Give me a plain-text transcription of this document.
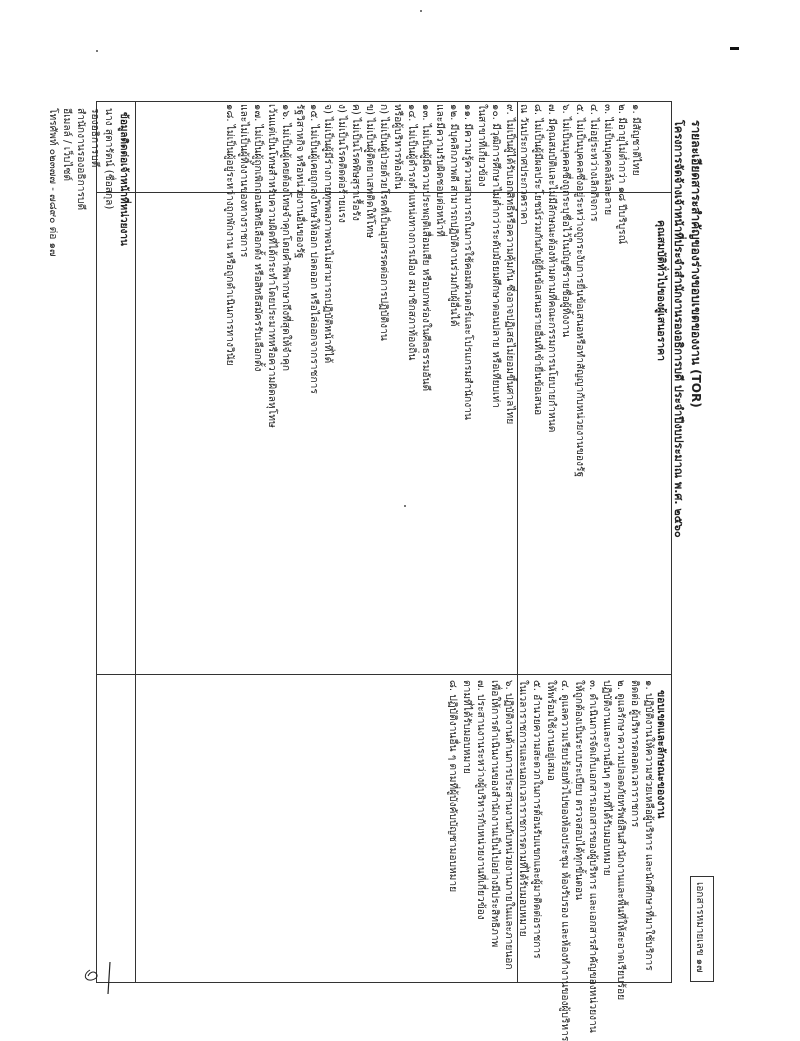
รายละเอียดสาระสำคัญของร่างขอบเขตของงาน (TOR)
โครงการจัดจ้างเจ้าหน้าที่ประจำสำนักงานรองอธิการบดี ประจำปีงบประมาณ พ.ศ. ๒๕๖๐
เอกสารหมายเลข ๑๗
ขอบเขตและลักษณะของงาน
คุณสมบัติทั่วไปของผู้เสนอราคา
ข้อมูลติดต่อเจ้าหน้าที่หน่วยงาน
๑. ปฏิบัติงานให้ความช่วยเหลือผู้บริหาร และนักศึกษาที่มาใช้บริการ
ติดต่อ ผู้บริหารตลอดเวลาราชการ
๒. ดูแลรักษาความปลอดภัยทรัพย์สินสำนักงานและพื้นที่ให้สะอาดเรียบร้อย
ปฏิบัติงานและงานอื่นๆ ตามที่ได้รับมอบหมาย
๓. ดำเนินการจัดเก็บเอกสารเอกสารของผู้บริหาร และเอกสารสำคัญของหน่วยงาน
ให้ถูกต้องเป็นระบบระเบียบ ตรวจสอบได้ทุกขั้นตอน
๔. ดูแลความเรียบร้อยทั่วไปของห้องประชุม ห้องรับรอง และห้องทำงานของผู้บริหาร
ให้พร้อมใช้งานอยู่เสมอ
๕. อำนวยความสะดวกในการต้อนรับแขกและผู้มาติดต่อราชการ
ในเวลาราชการและนอกเวลาราชการตามที่ได้รับมอบหมาย
๖. ปฏิบัติงานด้านการประสานงานกับหน่วยงานภายในและภายนอก
เพื่อให้การดำเนินงานของสำนักงานเป็นไปอย่างมีประสิทธิภาพ
๗. ประสานงานระหว่างผู้บริหารกับหน่วยงานที่เกี่ยวข้อง
ตามที่ได้รับมอบหมาย
๘. ปฏิบัติงานอื่น ๆ ตามที่ผู้บังคับบัญชามอบหมาย
๑. มีสัญชาติไทย
๒. มีอายุไม่ต่ำกว่า ๑๘ ปีบริบูรณ์
๓. ไม่เป็นบุคคลล้มละลาย
๔. ไม่อยู่ระหว่างเลิกกิจการ
๕. ไม่เป็นบุคคลซึ่งอยู่ระหว่างถูกระงับการยื่นข้อเสนอหรือทำสัญญากับหน่วยงานของรัฐ
๖. ไม่เป็นบุคคลซึ่งถูกระบุชื่อไว้ในบัญชีรายชื่อผู้ทิ้งงาน
๗. มีคุณสมบัติและไม่มีลักษณะต้องห้ามตามที่คณะกรรมการนโยบายกำหนด
๘. ไม่เป็นผู้มีผลประโยชน์ร่วมกันกับผู้ยื่นข้อเสนอรายอื่นที่เข้ายื่นข้อเสนอ
ณ วันประกาศประกวดราคา
๙. ไม่เป็นผู้ได้รับเอกสิทธิ์หรือความคุ้มกัน ซึ่งอาจปฏิเสธไม่ยอมขึ้นศาลไทย
๑๐. มีวุฒิการศึกษาไม่ต่ำกว่าระดับมัธยมศึกษาตอนปลาย หรือเทียบเท่า
ในสาขาที่เกี่ยวข้อง
๑๑. มีความรู้ความสามารถในการใช้คอมพิวเตอร์และโปรแกรมสำนักงาน
๑๒. มีบุคลิกภาพดี สามารถปฏิบัติงานร่วมกับผู้อื่นได้
และมีความรับผิดชอบต่อหน้าที่
๑๓. ไม่เป็นผู้มีความประพฤติเสื่อมเสีย หรือบกพร่องในศีลธรรมอันดี
๑๔. ไม่เป็นผู้ดำรงตำแหน่งทางการเมือง สมาชิกสภาท้องถิ่น
หรือผู้บริหารท้องถิ่น
ก) ไม่เป็นผู้ป่วยด้วยโรคที่เป็นอุปสรรคต่อการปฏิบัติงาน
ข) ไม่เป็นผู้ติดยาเสพติดให้โทษ
ค) ไม่เป็นโรคพิษสุราเรื้อรัง
ง) ไม่เป็นโรคติดต่อร้ายแรง
จ) ไม่เป็นผู้มีร่างกายทุพพลภาพจนไม่สามารถปฏิบัติหน้าที่ได้
๑๕. ไม่เป็นผู้เคยถูกลงโทษให้ออก ปลดออก หรือไล่ออกจากราชการ
รัฐวิสาหกิจ หรือหน่วยงานอื่นของรัฐ
๑๖. ไม่เป็นผู้เคยต้องโทษจำคุกโดยคำพิพากษาถึงที่สุดให้จำคุก
เว้นแต่เป็นโทษสำหรับความผิดที่ได้กระทำโดยประมาทหรือความผิดลหุโทษ
๑๗. ไม่เป็นผู้ถูกเพิกถอนสิทธิเลือกตั้ง หรือสิทธิสมัครรับเลือกตั้ง
และไม่เป็นผู้ทิ้งงานของทางราชการ
๑๘. ไม่เป็นผู้อยู่ระหว่างถูกพักงาน หรือถูกดำเนินการทางวินัย
นาง สุดารัตน์ (ชื่อสกุล)
รองอธิการบดี
สำนักงานรองอธิการบดี
อีเมลล์ / เว็บไซต์
โทรศัพท์ ๐๒๓๗๗ - ๗๘๙๐ ต่อ ๑๗
